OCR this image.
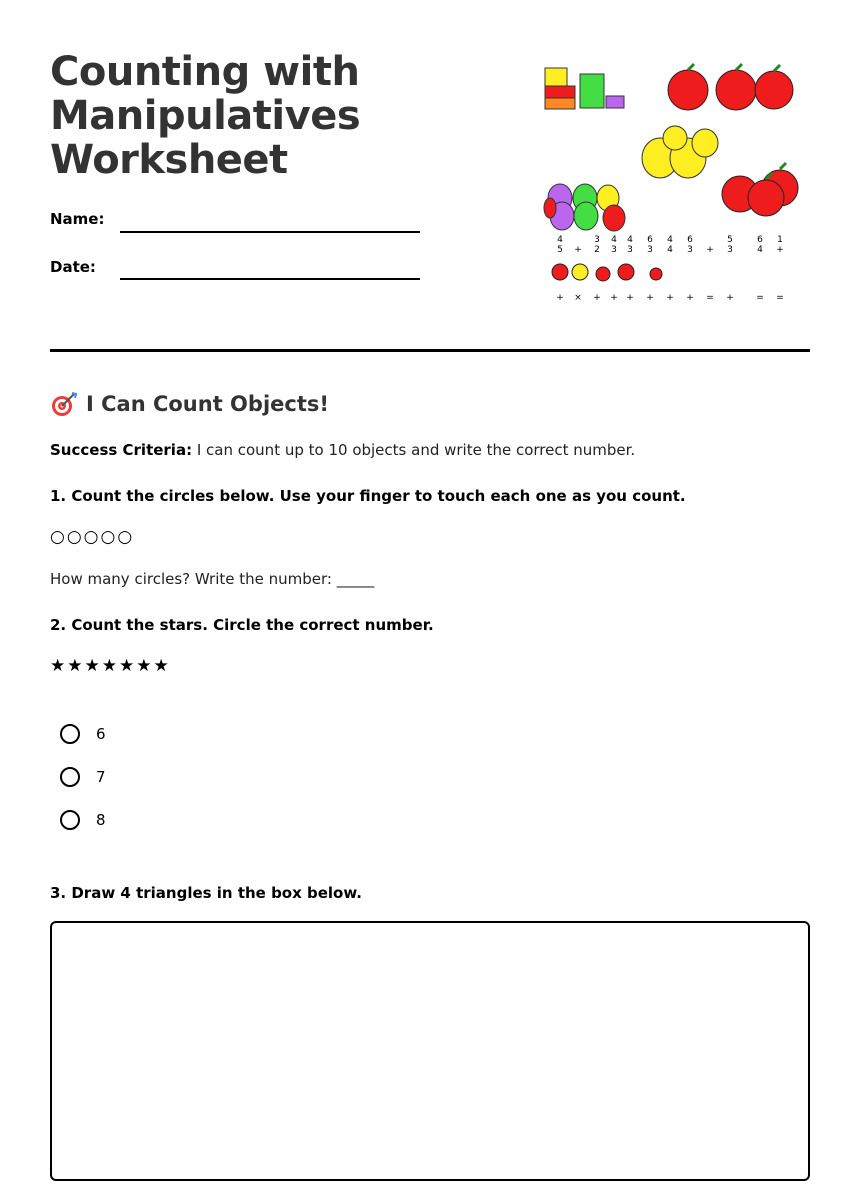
Counting with Manipulatives Worksheet
Name:
Date:
4	3 4 4 6 4 6	5	6 1
5 + 2 3 3 3 4 3 + 3	4 +
+ × + + + + + + = + = =
I Can Count Objects!
Success Criteria: I can count up to 10 objects and write the correct number.
1. Count the circles below. Use your finger to touch each one as you count.
○○○○○
How many circles? Write the number: _____
2. Count the stars. Circle the correct number.
★★★★★★★
6
7
8
3. Draw 4 triangles in the box below.
